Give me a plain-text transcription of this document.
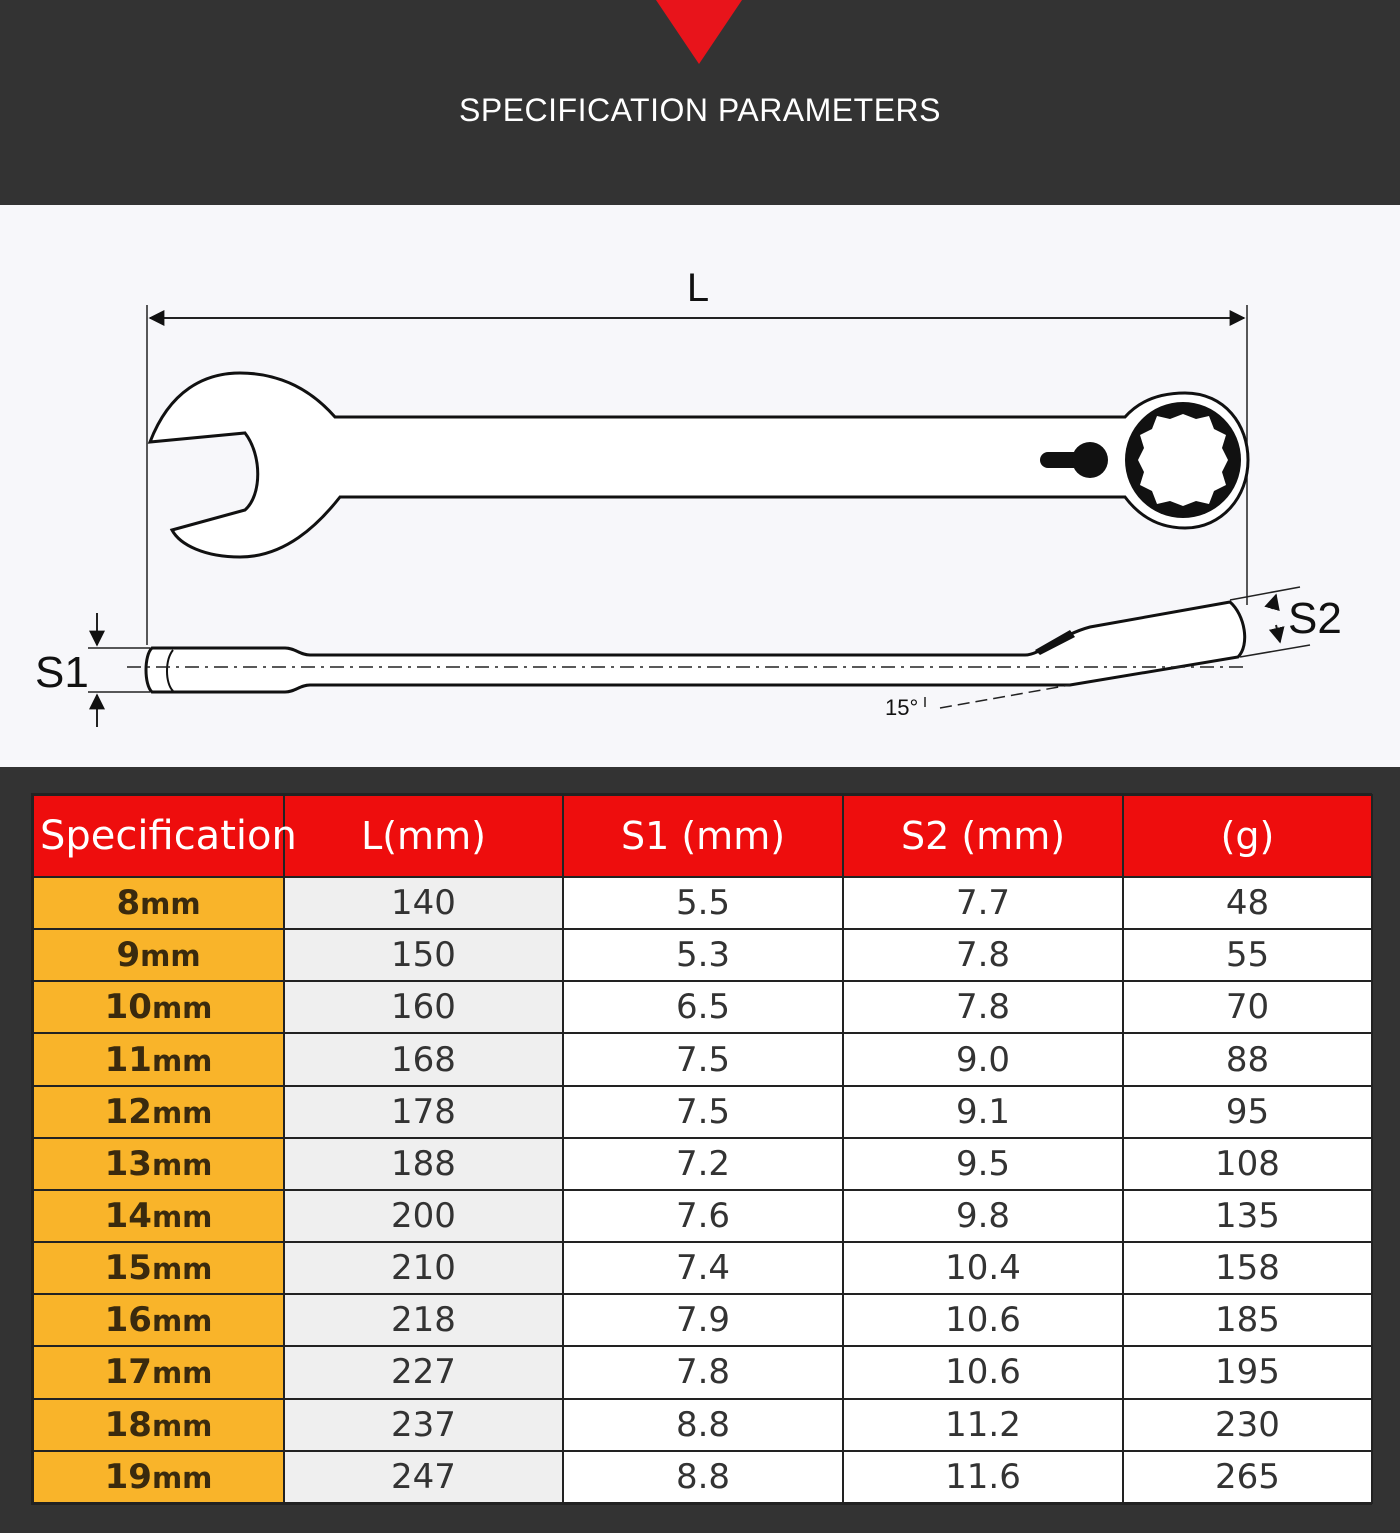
SPECIFICATION PARAMETERS
L
S1
S2
15°
Specification	L(mm)	S1 (mm)	S2 (mm)	(g)
8mm	140	5.5	7.7	48
9mm	150	5.3	7.8	55
10mm	160	6.5	7.8	70
11mm	168	7.5	9.0	88
12mm	178	7.5	9.1	95
13mm	188	7.2	9.5	108
14mm	200	7.6	9.8	135
15mm	210	7.4	10.4	158
16mm	218	7.9	10.6	185
17mm	227	7.8	10.6	195
18mm	237	8.8	11.2	230
19mm	247	8.8	11.6	265
